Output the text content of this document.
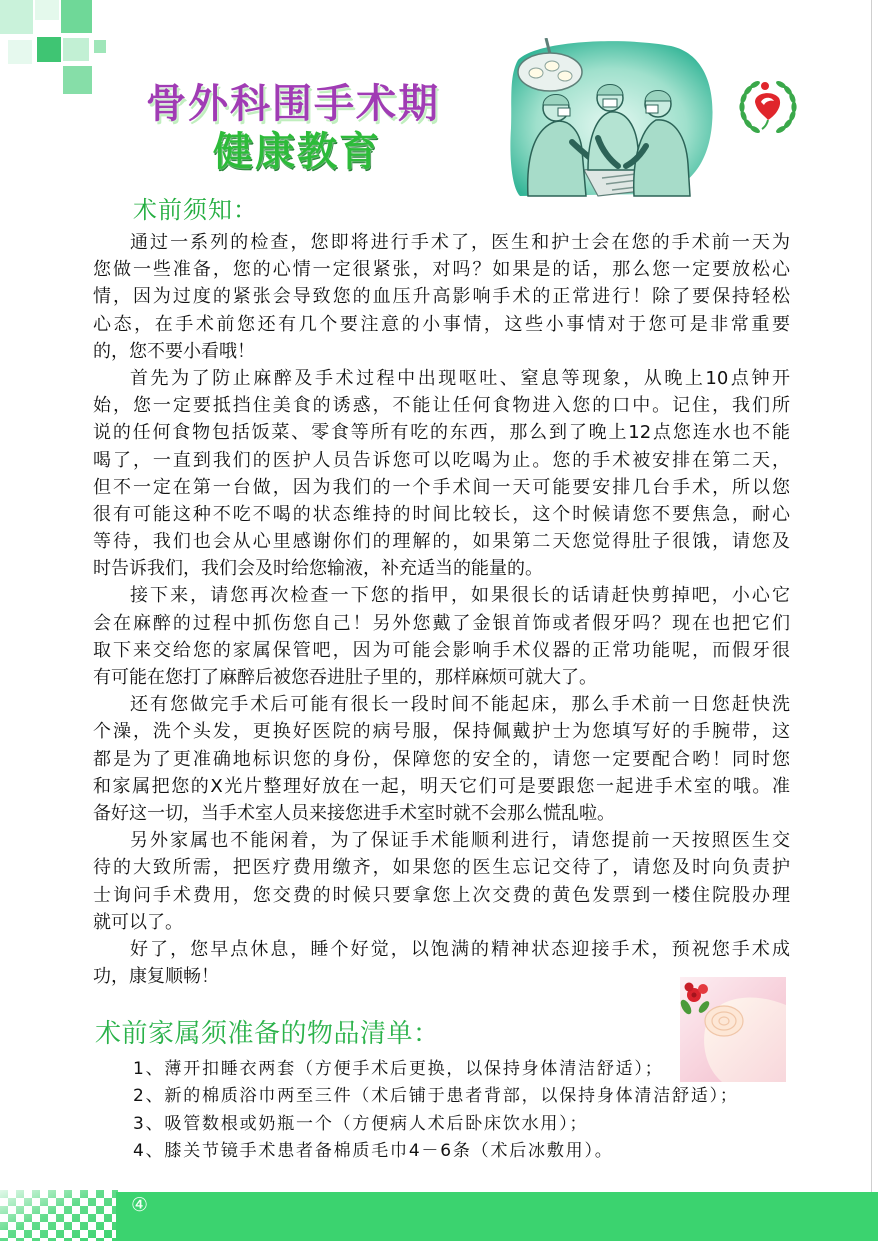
骨外科围手术期
健康教育
术前须知：
通过一系列的检查，您即将进行手术了，医生和护士会在您的手术前一天为
您做一些准备，您的心情一定很紧张，对吗？如果是的话，那么您一定要放松心
情，因为过度的紧张会导致您的血压升高影响手术的正常进行！除了要保持轻松
心态，在手术前您还有几个要注意的小事情，这些小事情对于您可是非常重要
的，您不要小看哦！
首先为了防止麻醉及手术过程中出现呕吐、窒息等现象，从晚上10点钟开
始，您一定要抵挡住美食的诱惑，不能让任何食物进入您的口中。记住，我们所
说的任何食物包括饭菜、零食等所有吃的东西，那么到了晚上12点您连水也不能
喝了，一直到我们的医护人员告诉您可以吃喝为止。您的手术被安排在第二天，
但不一定在第一台做，因为我们的一个手术间一天可能要安排几台手术，所以您
很有可能这种不吃不喝的状态维持的时间比较长，这个时候请您不要焦急，耐心
等待，我们也会从心里感谢你们的理解的，如果第二天您觉得肚子很饿，请您及
时告诉我们，我们会及时给您输液，补充适当的能量的。
接下来，请您再次检查一下您的指甲，如果很长的话请赶快剪掉吧，小心它
会在麻醉的过程中抓伤您自己！另外您戴了金银首饰或者假牙吗？现在也把它们
取下来交给您的家属保管吧，因为可能会影响手术仪器的正常功能呢，而假牙很
有可能在您打了麻醉后被您吞进肚子里的，那样麻烦可就大了。
还有您做完手术后可能有很长一段时间不能起床，那么手术前一日您赶快洗
个澡，洗个头发，更换好医院的病号服，保持佩戴护士为您填写好的手腕带，这
都是为了更准确地标识您的身份，保障您的安全的，请您一定要配合哟！同时您
和家属把您的X光片整理好放在一起，明天它们可是要跟您一起进手术室的哦。准
备好这一切，当手术室人员来接您进手术室时就不会那么慌乱啦。
另外家属也不能闲着，为了保证手术能顺利进行，请您提前一天按照医生交
待的大致所需，把医疗费用缴齐，如果您的医生忘记交待了，请您及时向负责护
士询问手术费用，您交费的时候只要拿您上次交费的黄色发票到一楼住院股办理
就可以了。
好了，您早点休息，睡个好觉，以饱满的精神状态迎接手术，预祝您手术成
功，康复顺畅！
术前家属须准备的物品清单：
1、薄开扣睡衣两套（方便手术后更换，以保持身体清洁舒适）；
2、新的棉质浴巾两至三件（术后铺于患者背部，以保持身体清洁舒适）；
3、吸管数根或奶瓶一个（方便病人术后卧床饮水用）；
4、膝关节镜手术患者备棉质毛巾4－6条（术后冰敷用）。
④
